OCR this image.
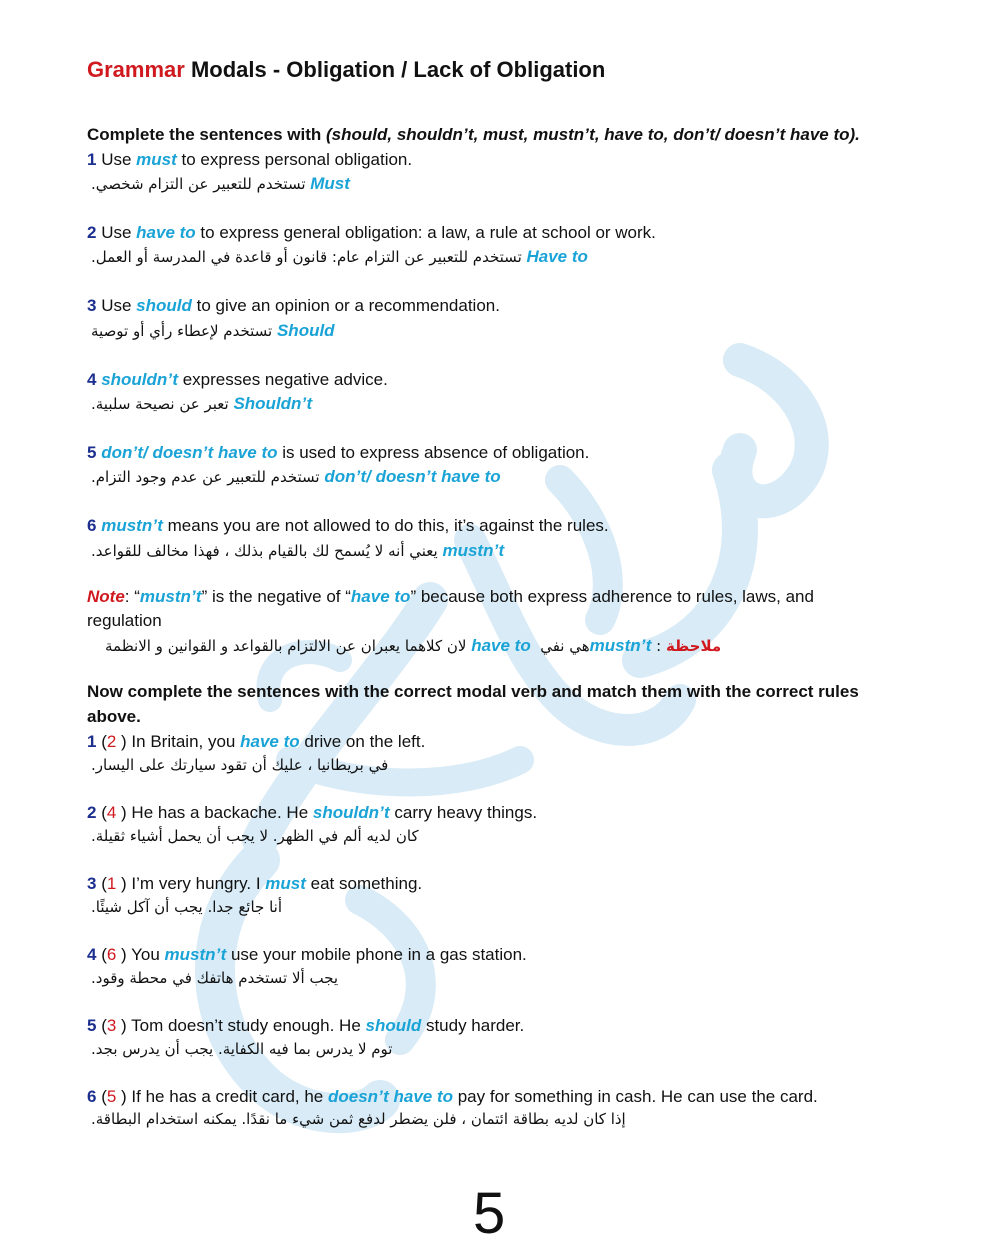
Grammar Modals - Obligation / Lack of Obligation
Complete the sentences with (should, shouldn’t, must, mustn’t, have to, don’t/ doesn’t have to).
1 Use must to express personal obligation.
تستخدم للتعبير عن التزام شخصي. Must
2 Use have to to express general obligation: a law, a rule at school or work.
تستخدم للتعبير عن التزام عام: قانون أو قاعدة في المدرسة أو العمل. Have to
3 Use should to give an opinion or a recommendation.
تستخدم لإعطاء رأي أو توصية Should
4 shouldn’t expresses negative advice.
تعبر عن نصيحة سلبية. Shouldn’t
5 don’t/ doesn’t have to is used to express absence of obligation.
تستخدم للتعبير عن عدم وجود التزام. don’t/ doesn’t have to
6 mustn’t means you are not allowed to do this, it’s against the rules.
يعني أنه لا يُسمح لك بالقيام بذلك ، فهذا مخالف للقواعد. mustn’t
Note: “mustn’t” is the negative of “have to” because both express adherence to rules, laws, and
regulation
لان كلاهما يعبران عن الالتزام بالقواعد و القوانين و الانظمة have to هي نفي mustn’t : ملاحظة
Now complete the sentences with the correct modal verb and match them with the correct rules
above.
1 (2 ) In Britain, you have to drive on the left.
في بريطانيا ، عليك أن تقود سيارتك على اليسار.
2 (4 ) He has a backache. He shouldn’t carry heavy things.
كان لديه ألم في الظهر. لا يجب أن يحمل أشياء ثقيلة.
3 (1 ) I’m very hungry. I must eat something.
أنا جائع جدا. يجب أن آكل شيئًا.
4 (6 ) You mustn’t use your mobile phone in a gas station.
يجب ألا تستخدم هاتفك في محطة وقود.
5 (3 ) Tom doesn’t study enough. He should study harder.
توم لا يدرس بما فيه الكفاية. يجب أن يدرس بجد.
6 (5 ) If he has a credit card, he doesn’t have to pay for something in cash. He can use the card.
إذا كان لديه بطاقة ائتمان ، فلن يضطر لدفع ثمن شيء ما نقدًا. يمكنه استخدام البطاقة.
5
